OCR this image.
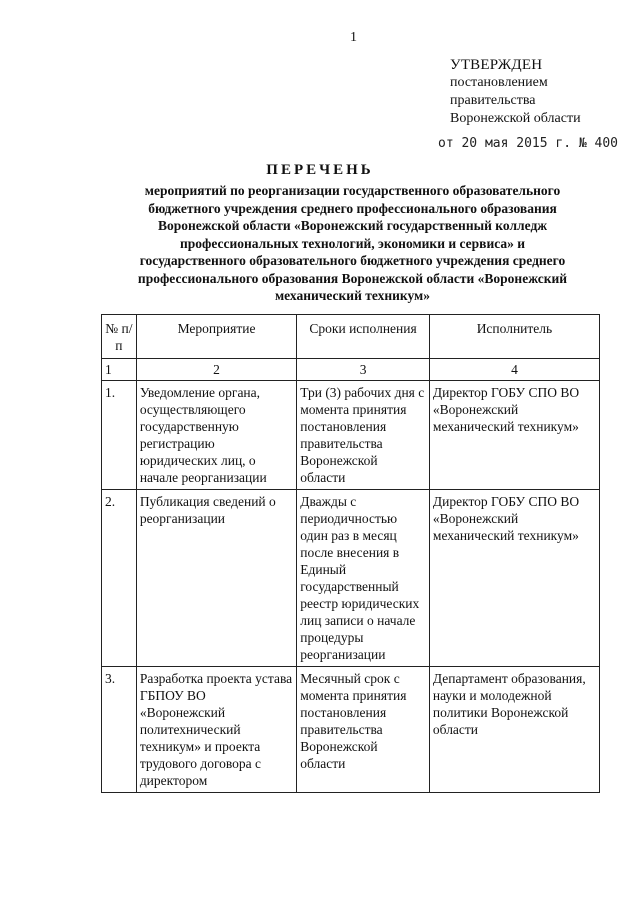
1
УТВЕРЖДЕН
постановлением
правительства
Воронежской области
от 20 мая 2015 г. № 400
ПЕРЕЧЕНЬ
мероприятий по реорганизации государственного образовательного
бюджетного учреждения среднего профессионального образования
Воронежской области «Воронежский государственный колледж
профессиональных технологий, экономики и сервиса» и
государственного образовательного бюджетного учреждения среднего
профессионального образования Воронежской области «Воронежский
механический техникум»
№ п/п	Мероприятие	Сроки исполнения	Исполнитель
1	2	3	4
1.	Уведомление органа, осуществляющего государственную регистрацию юридических лиц, о начале реорганизации	Три (3) рабочих дня с момента принятия постановления правительства Воронежской области	Директор ГОБУ СПО ВО «Воронежский механический техникум»
2.	Публикация сведений о реорганизации	Дважды с периодичностью один раз в месяц после внесения в Единый государственный реестр юридических лиц записи о начале процедуры реорганизации	Директор ГОБУ СПО ВО «Воронежский механический техникум»
3.	Разработка проекта устава ГБПОУ ВО «Воронежский политехнический техникум» и проекта трудового договора с директором	Месячный срок с момента принятия постановления правительства Воронежской области	Департамент образования, науки и молодежной политики Воронежской области
